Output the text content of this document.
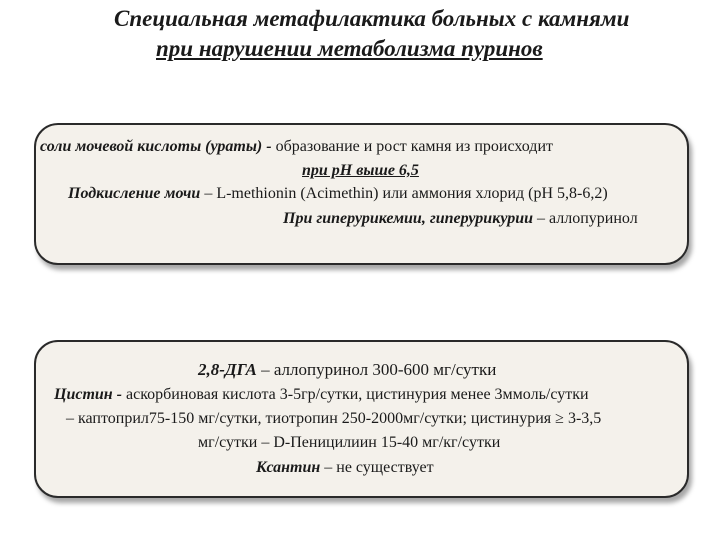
Специальная метафилактика больных с камнями
при нарушении метаболизма пуринов
соли мочевой кислоты (ураты) - образование и рост камня из происходит
при рН выше 6,5
Подкисление мочи – L-methionin (Acimethin) или аммония хлорид (рН 5,8-6,2)
При гиперурикемии, гиперурикурии – аллопуринол
2,8-ДГА – аллопуринол 300-600 мг/сутки
Цистин - аскорбиновая кислота 3-5гр/сутки, цистинурия менее 3ммоль/сутки
– каптоприл75-150 мг/сутки, тиотропин 250-2000мг/сутки; цистинурия ≥ 3-3,5
мг/сутки – D-Пеницилиин 15-40 мг/кг/сутки
Ксантин – не существует
